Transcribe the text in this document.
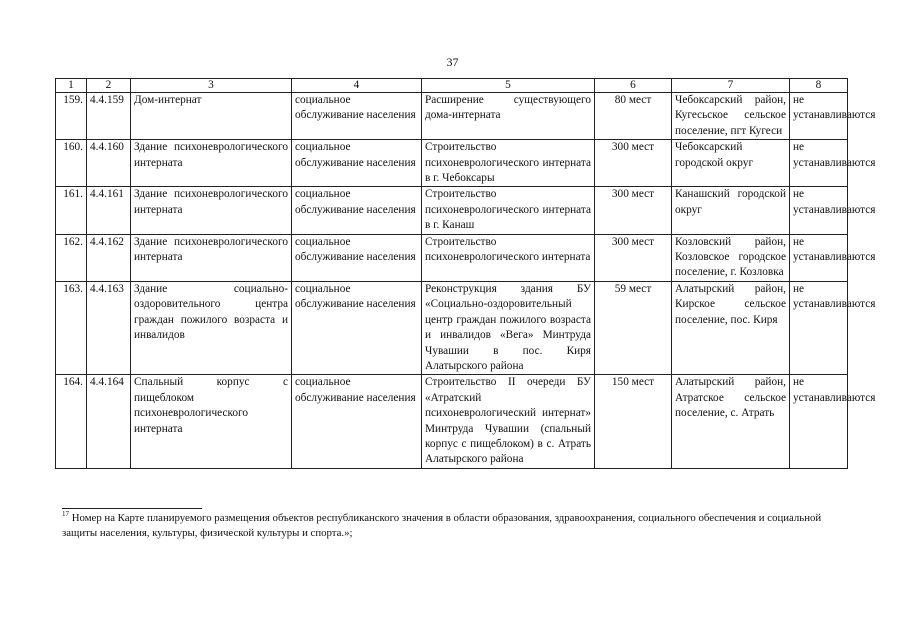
37
1	2	3	4	5	6	7	8
159.	4.4.159	Дом-интернат	социальное обслуживание населения	Расширение существующего дома-интерната	80 мест	Чебоксарский район, Кугесьское сельское поселение, пгт Кугеси	не устанавливаются
160.	4.4.160	Здание психоневрологического интерната	социальное обслуживание населения	Строительство психоневрологического интерната в г. Чебоксары	300 мест	Чебоксарский городской округ	не устанавливаются
161.	4.4.161	Здание психоневрологического интерната	социальное обслуживание населения	Строительство психоневрологического интерната в г. Канаш	300 мест	Канашский городской округ	не устанавливаются
162.	4.4.162	Здание психоневрологического интерната	социальное обслуживание населения	Строительство психоневрологического интерната	300 мест	Козловский район, Козловское городское поселение, г. Козловка	не устанавливаются
163.	4.4.163	Здание социально-оздоровительного центра граждан пожилого возраста и инвалидов	социальное обслуживание населения	Реконструкция здания БУ «Социально-оздоровительный центр граждан пожилого возраста и инвалидов «Вега» Минтруда Чувашии в пос. Киря Алатырского района	59 мест	Алатырский район, Кирское сельское поселение, пос. Киря	не устанавливаются
164.	4.4.164	Спальный корпус с пищеблоком психоневрологического интерната	социальное обслуживание населения	Строительство II очереди БУ «Атратский психоневрологический интернат» Минтруда Чувашии (спальный корпус с пищеблоком) в с. Атрать Алатырского района	150 мест	Алатырский район, Атратское сельское поселение, с. Атрать	не устанавливаются
$^{17}$ Номер на Карте планируемого размещения объектов республиканского значения в области образования, здравоохранения, социального обеспечения и социальной защиты населения, культуры, физической культуры и спорта.»;
